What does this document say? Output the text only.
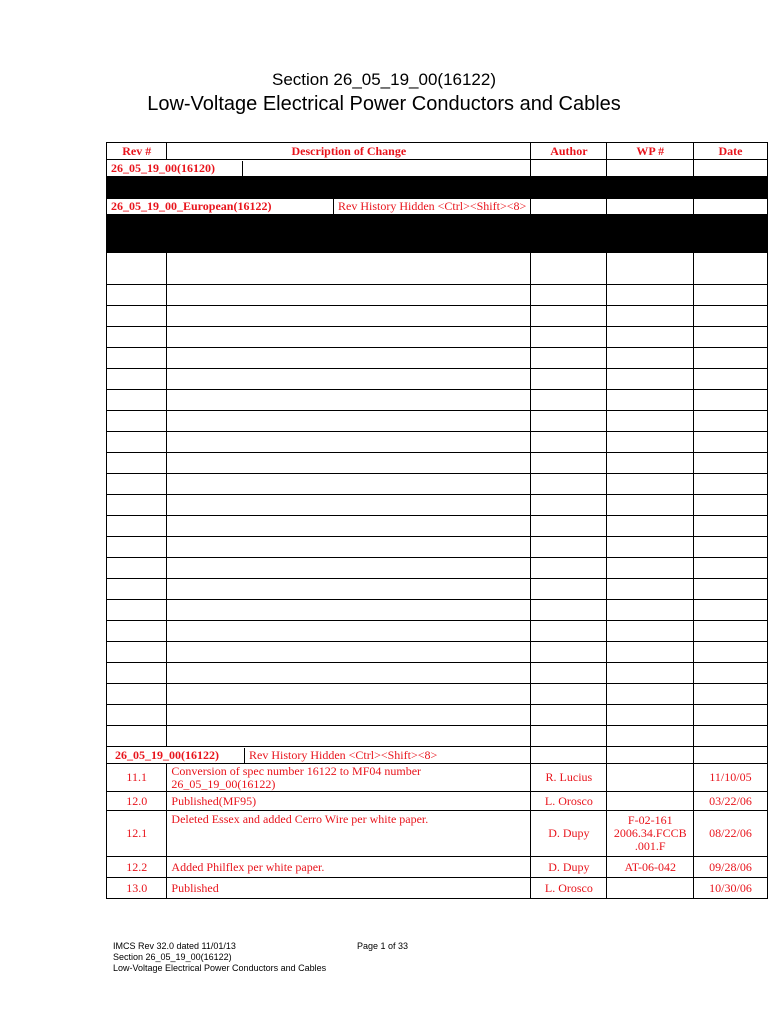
Section 26_05_19_00(16122)
Low-Voltage Electrical Power Conductors and Cables
Rev #	Description of Change	Author	WP #	Date

26_05_19_00(16120)				

26_05_19_00_European(16122) Rev History Hidden <Ctrl><Shift><8>				

26_05_19_00(16122) Rev History Hidden <Ctrl><Shift><8>				

11.1	Conversion of spec number 16122 to MF04 number 26_05_19_00(16122)	R. Lucius		11/10/05
12.0	Published(MF95)	L. Orosco		03/22/06
12.1	Deleted Essex and added Cerro Wire per white paper.	D. Dupy	F-02-161 2006.34.FCCB .001.F	08/22/06
12.2	Added Philflex per white paper.	D. Dupy	AT-06-042	09/28/06
13.0	Published	L. Orosco		10/30/06
IMCS Rev 32.0 dated 11/01/13	Page 1 of 33
Section 26_05_19_00(16122)
Low-Voltage Electrical Power Conductors and Cables
